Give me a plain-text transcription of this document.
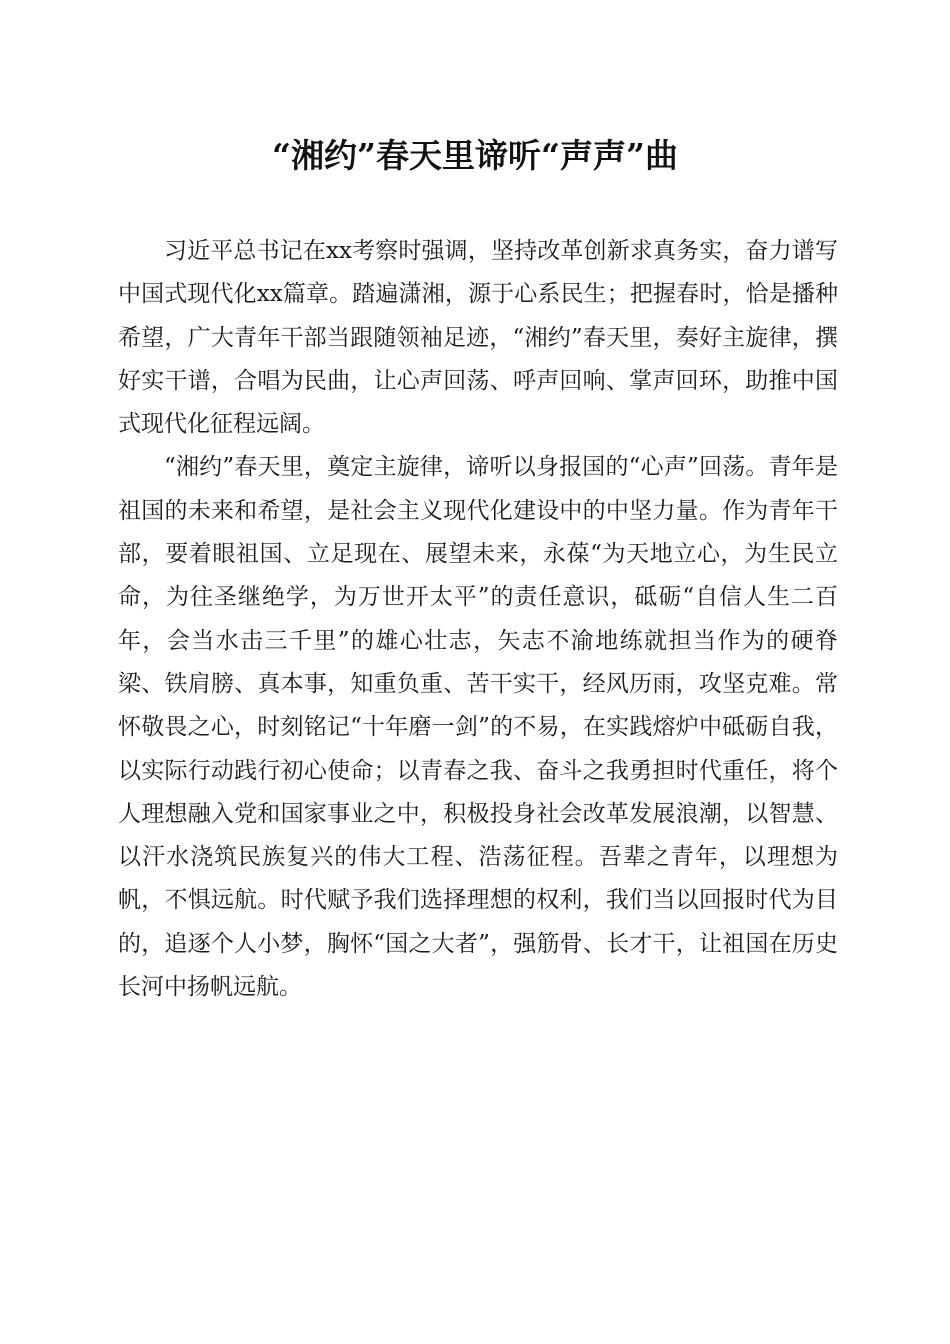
“湘约”春天里谛听“声声”曲

习近平总书记在xx考察时强调，坚持改革创新求真务实，奋力谱写中国式现代化xx篇章。踏遍潇湘，源于心系民生；把握春时，恰是播种希望，广大青年干部当跟随领袖足迹，“湘约”春天里，奏好主旋律，撰好实干谱，合唱为民曲，让心声回荡、呼声回响、掌声回环，助推中国式现代化征程远阔。

“湘约”春天里，奠定主旋律，谛听以身报国的“心声”回荡。青年是祖国的未来和希望，是社会主义现代化建设中的中坚力量。作为青年干部，要着眼祖国、立足现在、展望未来，永葆“为天地立心，为生民立命，为往圣继绝学，为万世开太平”的责任意识，砥砺“自信人生二百年，会当水击三千里”的雄心壮志，矢志不渝地练就担当作为的硬脊梁、铁肩膀、真本事，知重负重、苦干实干，经风历雨，攻坚克难。常怀敬畏之心，时刻铭记“十年磨一剑”的不易，在实践熔炉中砥砺自我，以实际行动践行初心使命；以青春之我、奋斗之我勇担时代重任，将个人理想融入党和国家事业之中，积极投身社会改革发展浪潮，以智慧、以汗水浇筑民族复兴的伟大工程、浩荡征程。吾辈之青年，以理想为帆，不惧远航。时代赋予我们选择理想的权利，我们当以回报时代为目的，追逐个人小梦，胸怀“国之大者”，强筋骨、长才干，让祖国在历史长河中扬帆远航。
